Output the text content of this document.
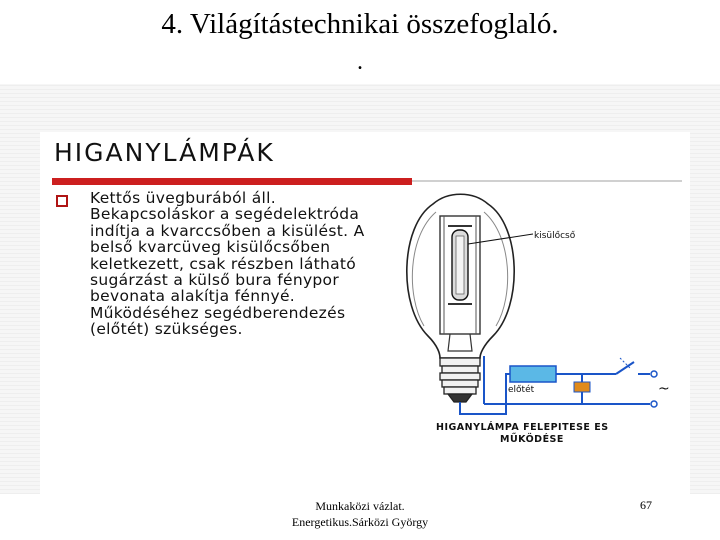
4. Világítástechnikai összefoglaló.
.
HIGANYLÁMPÁK
Kettős üvegburából áll. Bekapcsoláskor a segédelektróda indítja a kvarccsőben a kisülést. A belső kvarcüveg kisülőcsőben keletkezett, csak részben látható sugárzást a külső bura fénypor bevonata alakítja fénnyé. Működéséhez segédberendezés (előtét) szükséges.
kisülőcső
előtét	~
HIGANYLÁMPA FELEPITESE ES MŰKÖDÉSE
Munkaközi vázlat.
Energetikus.Sárközi György
67
